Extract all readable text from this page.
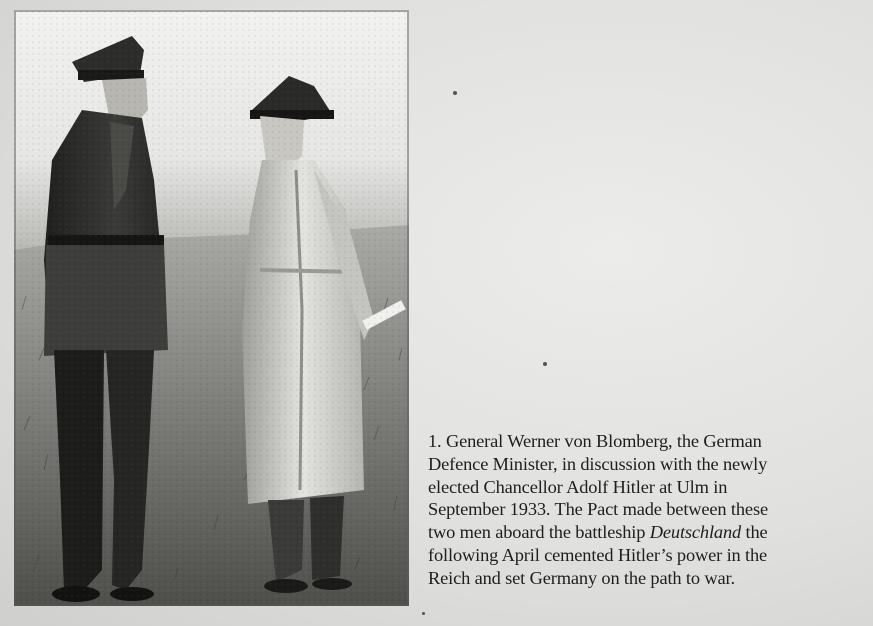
1. General Werner von Blomberg, the German
Defence Minister, in discussion with the newly
elected Chancellor Adolf Hitler at Ulm in
September 1933. The Pact made between these
two men aboard the battleship Deutschland the
following April cemented Hitler’s power in the
Reich and set Germany on the path to war.
